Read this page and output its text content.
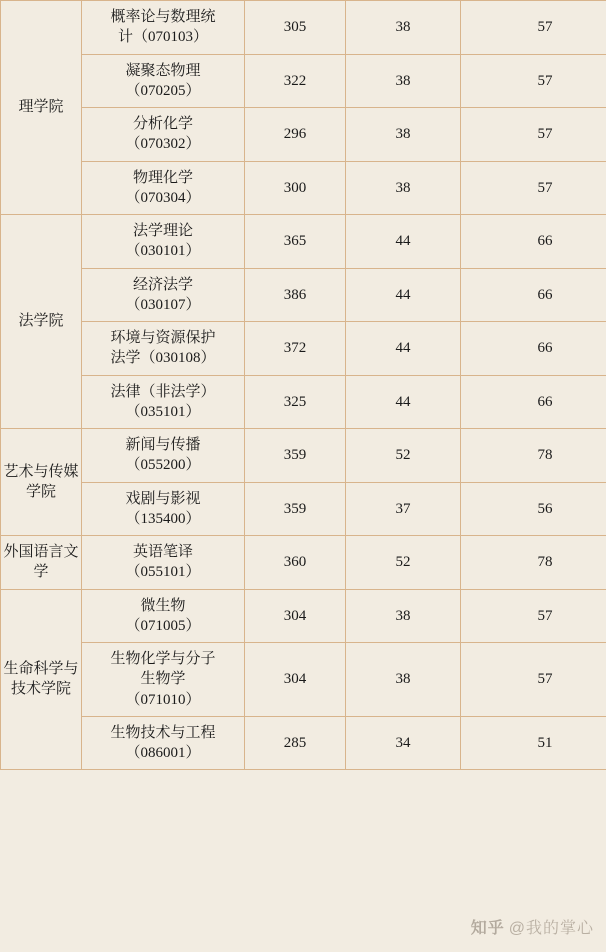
理学院	概率论与数理统
计（070103）	305	38	57

	凝聚态物理
（070205）	322	38	57

	分析化学
（070302）	296	38	57

	物理化学
（070304）	300	38	57
法学院	法学理论
（030101）	365	44	66

	经济法学
（030107）	386	44	66

	环境与资源保护
法学（030108）	372	44	66

	法律（非法学）
（035101）	325	44	66
艺术与传媒学院	新闻与传播
（055200）	359	52	78

	戏剧与影视
（135400）	359	37	56
外国语言文学	英语笔译
（055101）	360	52	78
生命科学与技术学院	微生物
（071005）	304	38	57

	生物化学与分子
生物学
（071010）	304	38	57

	生物技术与工程
（086001）	285	34	51
知乎 @我的掌心
